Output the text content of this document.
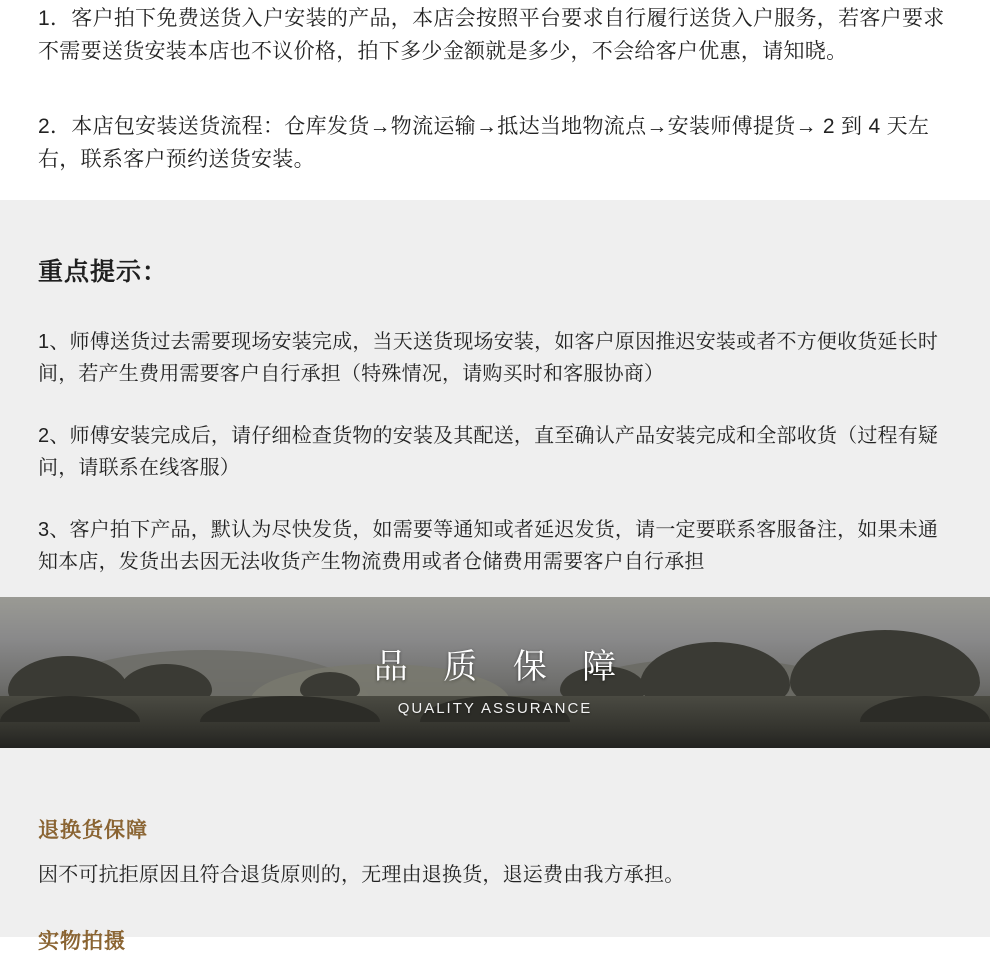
1．客户拍下免费送货入户安装的产品，本店会按照平台要求自行履行送货入户服务，若客户要求不需要送货安装本店也不议价格，拍下多少金额就是多少，不会给客户优惠，请知晓。

2．本店包安装送货流程：仓库发货→物流运输→抵达当地物流点→安装师傅提货→ 2 到 4 天左右，联系客户预约送货安装。

重点提示：

1、师傅送货过去需要现场安装完成，当天送货现场安装，如客户原因推迟安装或者不方便收货延长时间，若产生费用需要客户自行承担（特殊情况，请购买时和客服协商）

2、师傅安装完成后，请仔细检查货物的安装及其配送，直至确认产品安装完成和全部收货（过程有疑问，请联系在线客服）

3、客户拍下产品，默认为尽快发货，如需要等通知或者延迟发货，请一定要联系客服备注，如果未通知本店，发货出去因无法收货产生物流费用或者仓储费用需要客户自行承担

品 质 保 障
QUALITY ASSURANCE
退换货保障
因不可抗拒原因且符合退货原则的，无理由退换货，退运费由我方承担。
实物拍摄
